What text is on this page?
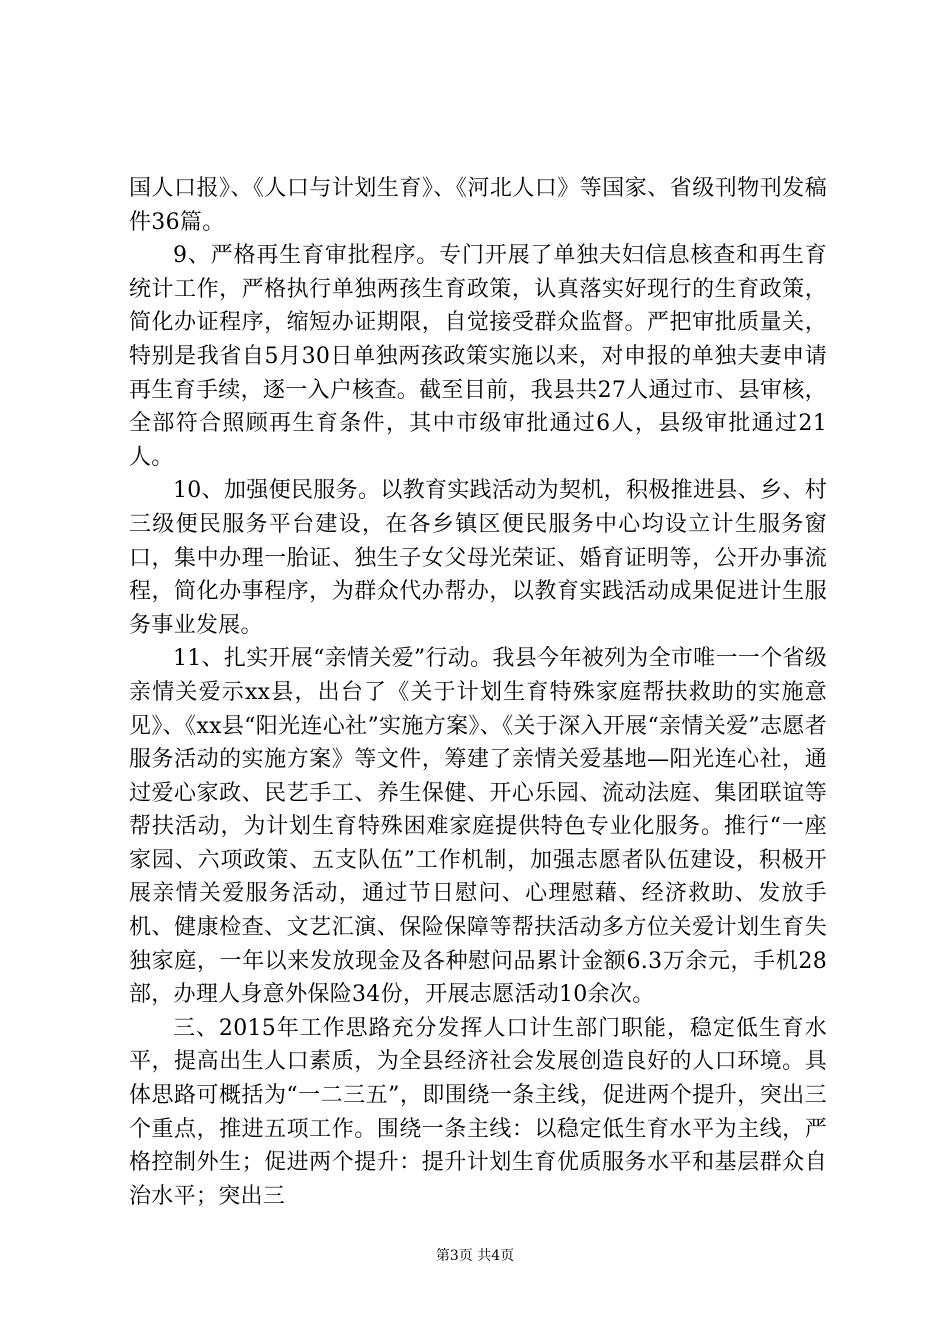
国人口报》、《人口与计划生育》、《河北人口》等国家、省级刊物刊发稿件36篇。

9、严格再生育审批程序。专门开展了单独夫妇信息核查和再生育统计工作，严格执行单独两孩生育政策，认真落实好现行的生育政策，简化办证程序，缩短办证期限，自觉接受群众监督。严把审批质量关，特别是我省自5月30日单独两孩政策实施以来，对申报的单独夫妻申请再生育手续，逐一入户核查。截至目前，我县共27人通过市、县审核，全部符合照顾再生育条件，其中市级审批通过6人，县级审批通过21人。

10、加强便民服务。以教育实践活动为契机，积极推进县、乡、村三级便民服务平台建设，在各乡镇区便民服务中心均设立计生服务窗口，集中办理一胎证、独生子女父母光荣证、婚育证明等，公开办事流程，简化办事程序，为群众代办帮办，以教育实践活动成果促进计生服务事业发展。

11、扎实开展“亲情关爱”行动。我县今年被列为全市唯一一个省级亲情关爱示xx县，出台了《关于计划生育特殊家庭帮扶救助的实施意见》、《xx县“阳光连心社”实施方案》、《关于深入开展“亲情关爱”志愿者服务活动的实施方案》等文件，筹建了亲情关爱基地—阳光连心社，通过爱心家政、民艺手工、养生保健、开心乐园、流动法庭、集团联谊等帮扶活动，为计划生育特殊困难家庭提供特色专业化服务。推行“一座家园、六项政策、五支队伍”工作机制，加强志愿者队伍建设，积极开展亲情关爱服务活动，通过节日慰问、心理慰藉、经济救助、发放手机、健康检查、文艺汇演、保险保障等帮扶活动多方位关爱计划生育失独家庭，一年以来发放现金及各种慰问品累计金额6.3万余元，手机28部，办理人身意外保险34份，开展志愿活动10余次。

三、2015年工作思路充分发挥人口计生部门职能，稳定低生育水平，提高出生人口素质，为全县经济社会发展创造良好的人口环境。具体思路可概括为“一二三五”，即围绕一条主线，促进两个提升，突出三个重点，推进五项工作。围绕一条主线：以稳定低生育水平为主线，严格控制外生；促进两个提升：提升计划生育优质服务水平和基层群众自治水平；突出三

第3页 共4页
